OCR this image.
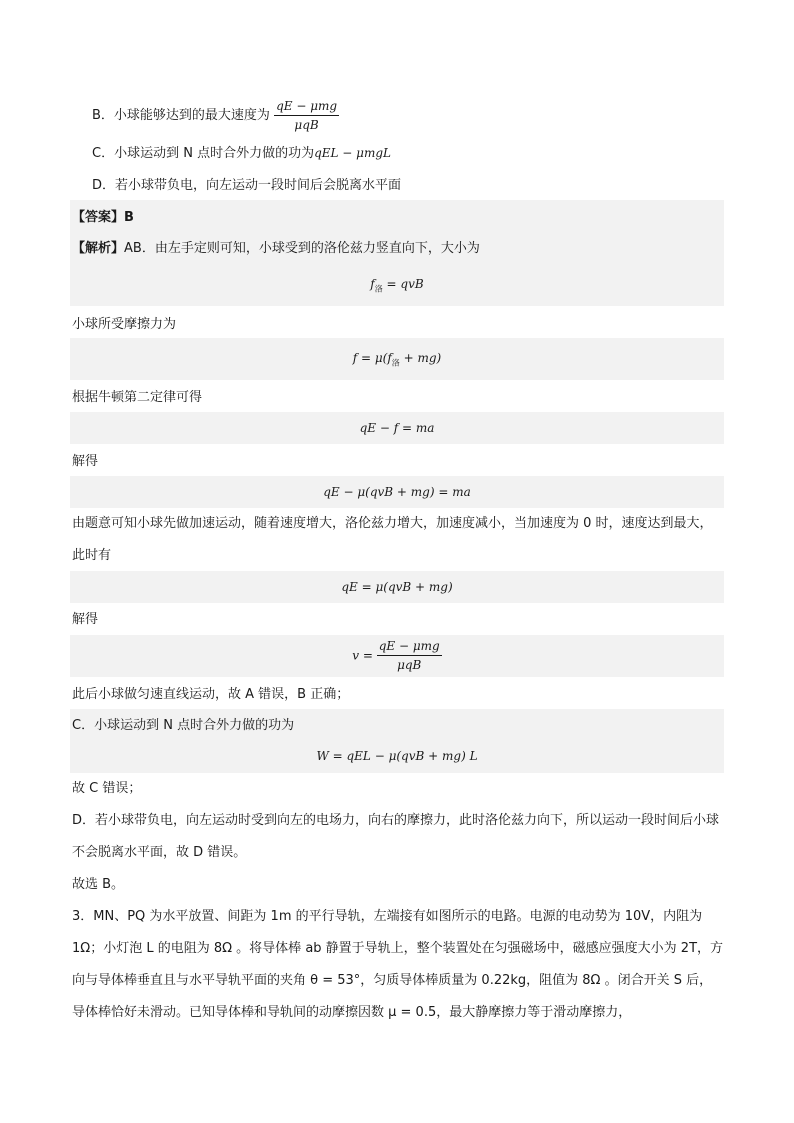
B．小球能够达到的最大速度为 $\frac{\text{qE − μmg}}{\text{μqB}}$
C．小球运动到 N 点时合外力做的功为qEL − μmgL
D．若小球带负电，向左运动一段时间后会脱离水平面
【答案】B
【解析】AB．由左手定则可知，小球受到的洛伦兹力竖直向下，大小为
$f_洛$ = qvB
小球所受摩擦力为
$f = \mu(f_洛 + mg)$
根据牛顿第二定律可得
qE − f = ma
解得
qE − μ(qvB + mg) = ma
由题意可知小球先做加速运动，随着速度增大，洛伦兹力增大，加速度减小，当加速度为 0 时，速度达到最大，此时有
qE = μ(qvB + mg)
解得
$v = \frac{\text{qE − μmg}}{\text{μqB}}$
此后小球做匀速直线运动，故 A 错误，B 正确；
C．小球运动到 N 点时合外力做的功为
W = qEL − μ(qvB + mg) L
故 C 错误；
D．若小球带负电，向左运动时受到向左的电场力，向右的摩擦力，此时洛伦兹力向下，所以运动一段时间后小球不会脱离水平面，故 D 错误。
故选 B。
3．MN、PQ 为水平放置、间距为 1m 的平行导轨，左端接有如图所示的电路。电源的电动势为 10V，内阻为 1Ω；小灯泡 L 的电阻为 8Ω 。将导体棒 ab 静置于导轨上，整个装置处在匀强磁场中，磁感应强度大小为 2T，方向与导体棒垂直且与水平导轨平面的夹角 θ = 53°，匀质导体棒质量为 0.22kg，阻值为 8Ω 。闭合开关 S 后，导体棒恰好未滑动。已知导体棒和导轨间的动摩擦因数 μ = 0.5，最大静摩擦力等于滑动摩擦力，
